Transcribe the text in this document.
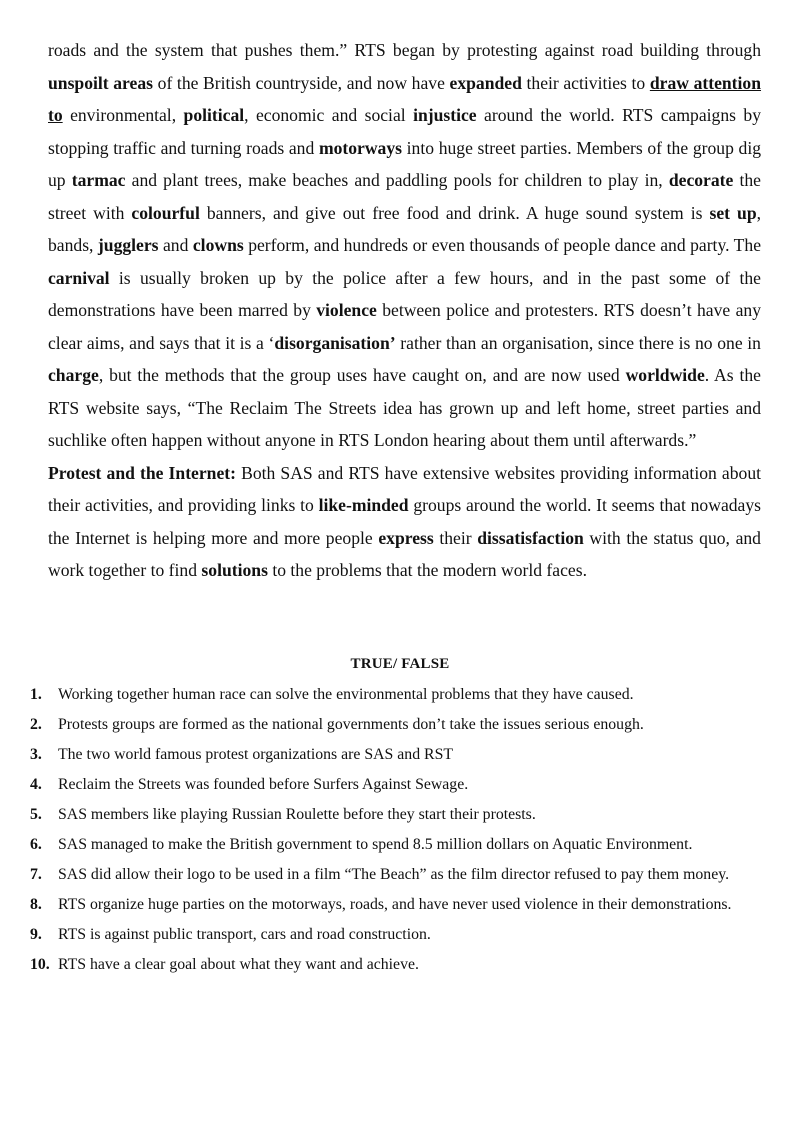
roads and the system that pushes them.” RTS began by protesting against road building through unspoilt areas of the British countryside, and now have expanded their activities to draw attention to environmental, political, economic and social injustice around the world. RTS campaigns by stopping traffic and turning roads and motorways into huge street parties. Members of the group dig up tarmac and plant trees, make beaches and paddling pools for children to play in, decorate the street with colourful banners, and give out free food and drink. A huge sound system is set up, bands, jugglers and clowns perform, and hundreds or even thousands of people dance and party. The carnival is usually broken up by the police after a few hours, and in the past some of the demonstrations have been marred by violence between police and protesters. RTS doesn’t have any clear aims, and says that it is a ‘disorganisation’ rather than an organisation, since there is no one in charge, but the methods that the group uses have caught on, and are now used worldwide. As the RTS website says, “The Reclaim The Streets idea has grown up and left home, street parties and suchlike often happen without anyone in RTS London hearing about them until afterwards.”

Protest and the Internet: Both SAS and RTS have extensive websites providing information about their activities, and providing links to like-minded groups around the world. It seems that nowadays the Internet is helping more and more people express their dissatisfaction with the status quo, and work together to find solutions to the problems that the modern world faces.

TRUE/ FALSE
1.	Working together human race can solve the environmental problems that they have caused.
2.	Protests groups are formed as the national governments don’t take the issues serious enough.
3.	The two world famous protest organizations are SAS and RST
4.	Reclaim the Streets was founded before Surfers Against Sewage.
5.	SAS members like playing Russian Roulette before they start their protests.
6.	SAS managed to make the British government to spend 8.5 million dollars on Aquatic Environment.
7.	SAS did allow their logo to be used in a film “The Beach” as the film director refused to pay them money.
8.	RTS organize huge parties on the motorways, roads, and have never used violence in their demonstrations.
9.	RTS is against public transport, cars and road construction.
10. RTS have a clear goal about what they want and achieve.
